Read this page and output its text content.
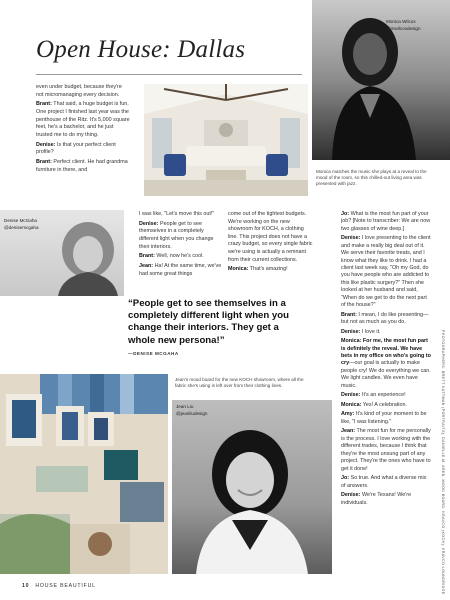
Open House: Dallas
Monica Wilcox
@mwilcoxdesign
Monica matches the music she plays at a reveal to the mood of the room, so this chilled-out living area was presented with jazz.

even under budget, because they're not micromanaging every decision.

Brant: That said, a huge budget is fun. One project I finished last year was the penthouse of the Ritz. It's 5,000 square feet, he's a bachelor, and he just trusted me to do my thing.

Denise: Is that your perfect client profile?

Brant: Perfect client. He had grandma furniture in there, and

Denise McGaha
@denisemcgaha

I was like, "Let's move this out!"

Denise: People get to see themselves in a completely different light when you change their interiors.

Brant: Well, now he's cool.

Jean: Ha! At the same time, we've had some great things

come out of the tightest budgets. We're working on the new showroom for KOCH, a clothing line. This project does not have a crazy budget, so every single fabric we're using is actually a remnant from their current collections.

Monica: That's amazing!

“People get to see themselves in a completely different light when you change their interiors. They get a whole new persona!”
—DENISE MCGAHA

Jo: What is the most fun part of your job? [Note to transcriber: We are now two glasses of wine deep.]

Denise: I love presenting to the client and make a really big deal out of it. We serve their favorite treats, and I know what they like to drink. I had a client last week say, "Oh my God, do you have people who are addicted to this like plastic surgery?" Then she looked at her husband and said, "When do we get to do the next part of the house?"

Brant: I mean, I do like presenting—but not as much as you do.

Denise: I love it.

Monica: For me, the most fun part is definitely the reveal. We have bets in my office on who's going to cry—our goal is actually to make people cry! We do everything we can. We light candles. We even have music.

Denise: It's an experience!

Monica: Yes! A celebration.

Amy: It's kind of your moment to be like, "I was listening."

Jean: The most fun for me personally is the process. I love working with the different trades, because I think that they're the most unsung part of any project. They're the ones who have to get it done!

Jo: So true. And what a diverse mix of answers.

Denise: We're Texans! We're individuals.

Jean's mood board for the new KOCH showroom, where all the fabric she's using is left over from their clothing lines.
Jean Liu
@jeanliudesign	PHOTOGRAPHERS: BRETT KATTMAN (PORTRAITS); DANIELLE M. AREN; MOOD BOARD: KRAVCO (KOCH); KRAVCO LOUNDRIDGE
10 HOUSE BEAUTIFUL
